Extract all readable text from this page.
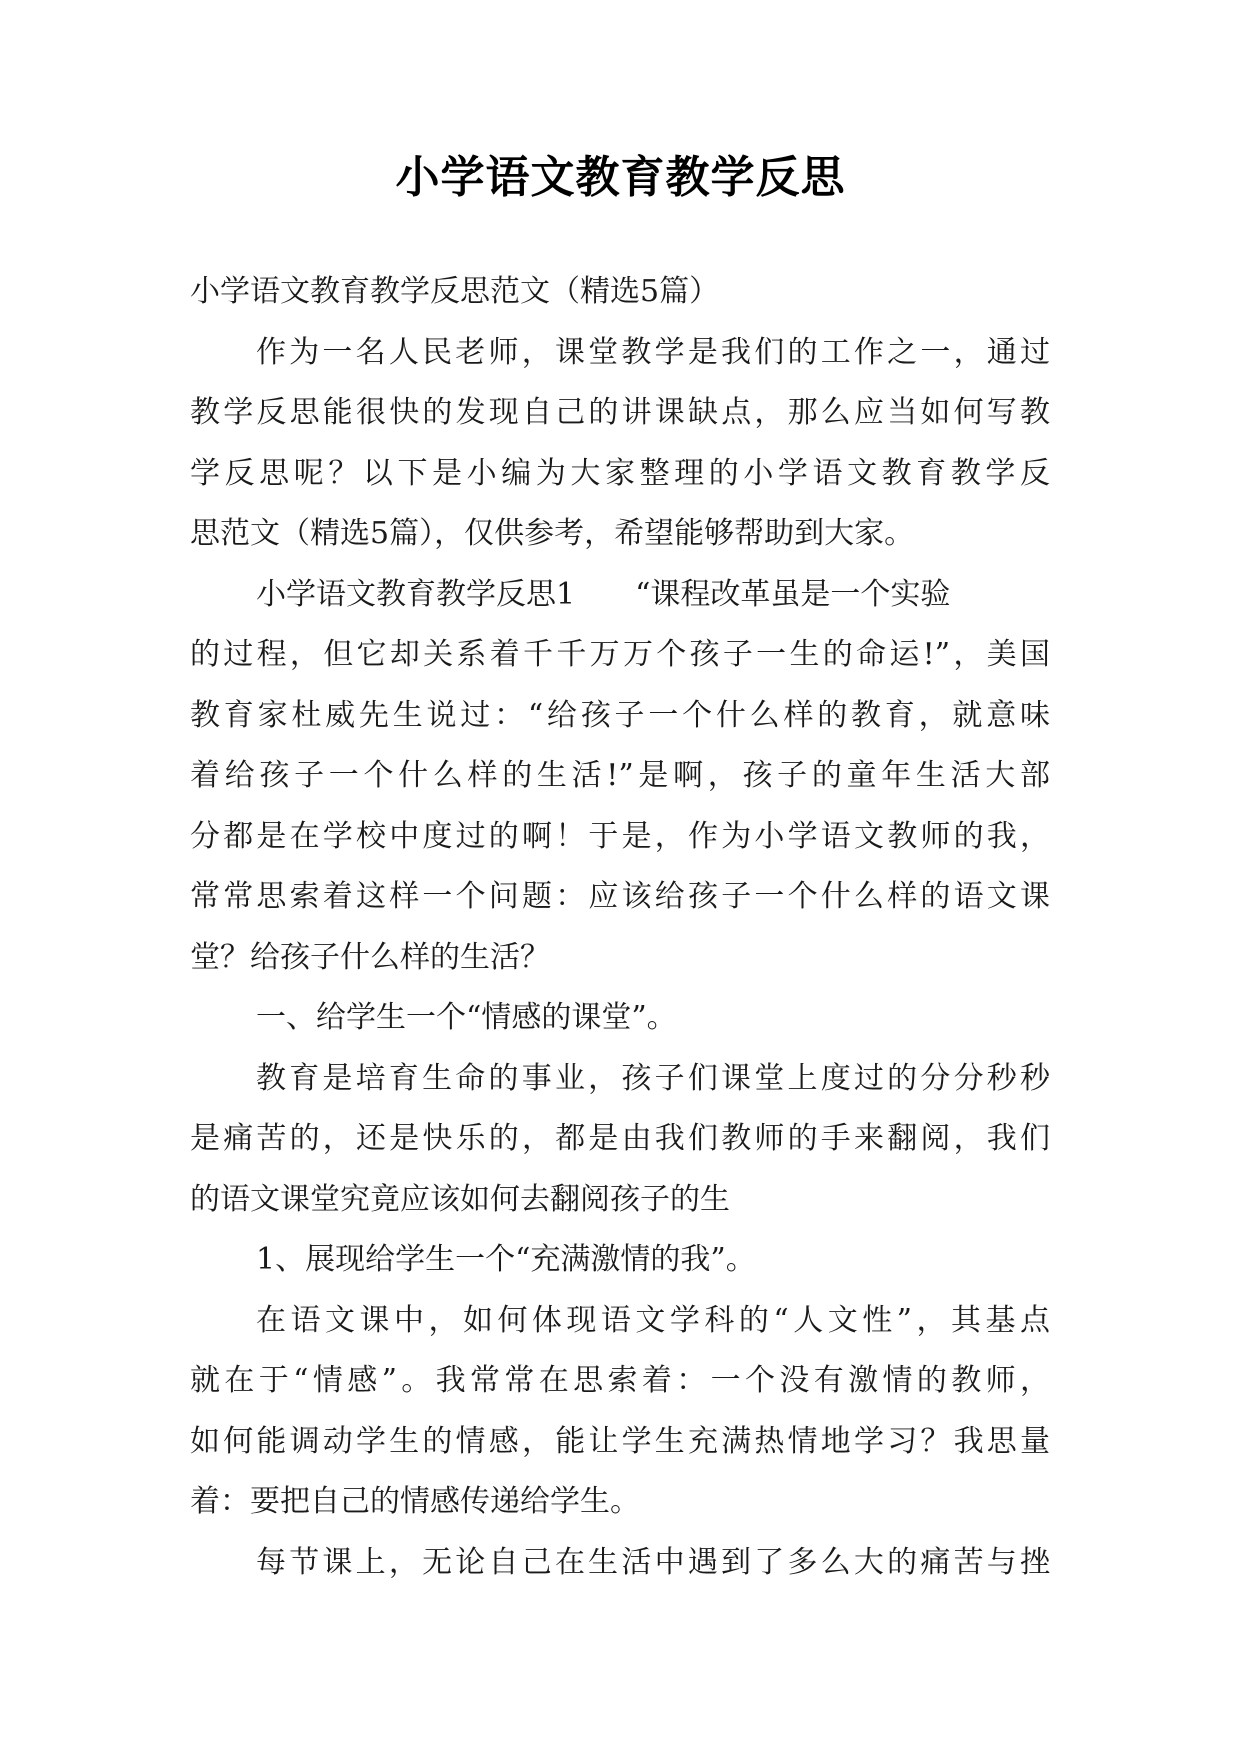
小学语文教育教学反思
小学语文教育教学反思范文（精选5篇）
作为一名人民老师，课堂教学是我们的工作之一，通过
教学反思能很快的发现自己的讲课缺点，那么应当如何写教
学反思呢？以下是小编为大家整理的小学语文教育教学反
思范文（精选5篇），仅供参考，希望能够帮助到大家。
小学语文教育教学反思1　　“课程改革虽是一个实验
的过程，但它却关系着千千万万个孩子一生的命运!”，美国
教育家杜威先生说过：“给孩子一个什么样的教育，就意味
着给孩子一个什么样的生活!”是啊，孩子的童年生活大部
分都是在学校中度过的啊！于是，作为小学语文教师的我，
常常思索着这样一个问题：应该给孩子一个什么样的语文课
堂？给孩子什么样的生活？
一、给学生一个“情感的课堂”。
教育是培育生命的事业，孩子们课堂上度过的分分秒秒
是痛苦的，还是快乐的，都是由我们教师的手来翻阅，我们
的语文课堂究竟应该如何去翻阅孩子的生
1、展现给学生一个“充满激情的我”。
在语文课中，如何体现语文学科的“人文性”，其基点
就在于“情感”。我常常在思索着：一个没有激情的教师，
如何能调动学生的情感，能让学生充满热情地学习？我思量
着：要把自己的情感传递给学生。
每节课上，无论自己在生活中遇到了多么大的痛苦与挫
